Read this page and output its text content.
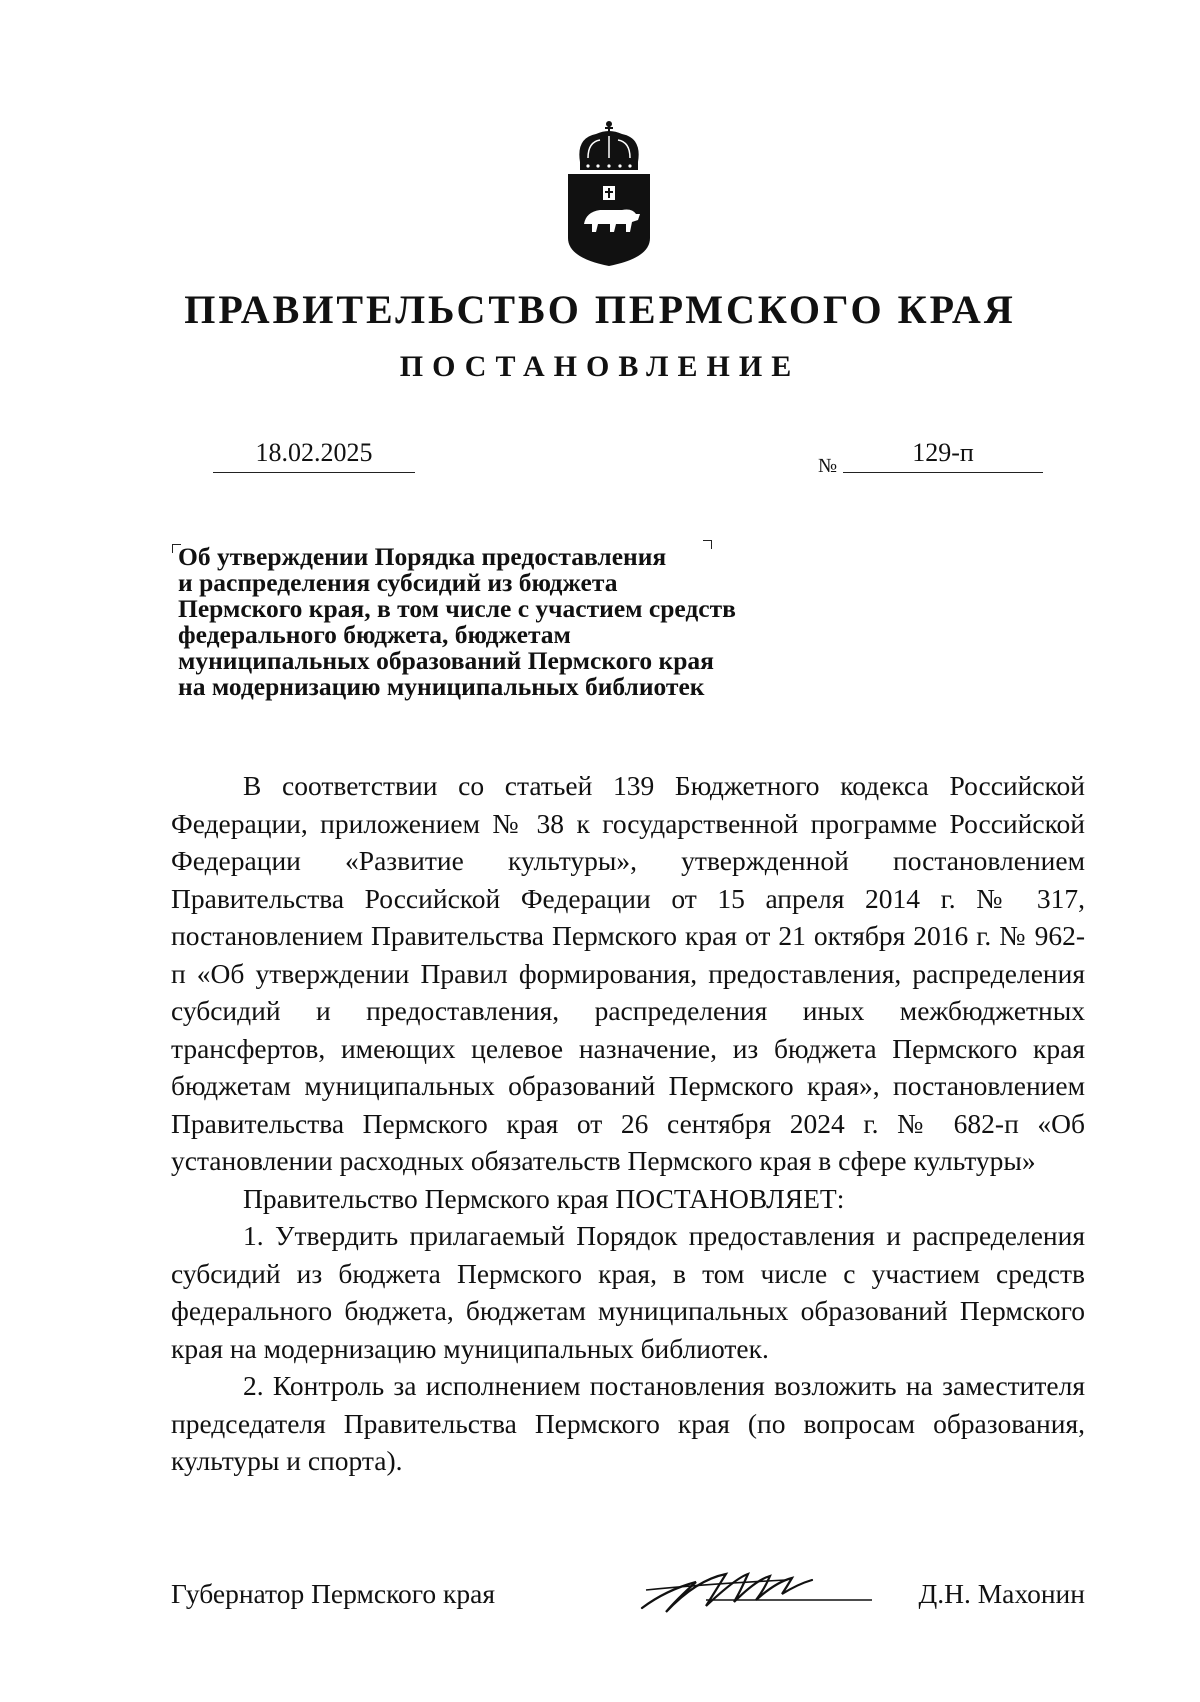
ПРАВИТЕЛЬСТВО ПЕРМСКОГО КРАЯ
ПОСТАНОВЛЕНИЕ
18.02.2025	№	129-п
Об утверждении Порядка предоставления
и распределения субсидий из бюджета
Пермского края, в том числе с участием средств
федерального бюджета, бюджетам
муниципальных образований Пермского края
на модернизацию муниципальных библиотек

В соответствии со статьей 139 Бюджетного кодекса Российской Федерации, приложением № 38 к государственной программе Российской Федерации «Развитие культуры», утвержденной постановлением Правительства Российской Федерации от 15 апреля 2014 г. № 317, постановлением Правительства Пермского края от 21 октября 2016 г. № 962-п «Об утверждении Правил формирования, предоставления, распределения субсидий и предоставления, распределения иных межбюджетных трансфертов, имеющих целевое назначение, из бюджета Пермского края бюджетам муниципальных образований Пермского края», постановлением Правительства Пермского края от 26 сентября 2024 г. № 682-п «Об установлении расходных обязательств Пермского края в сфере культуры»

Правительство Пермского края ПОСТАНОВЛЯЕТ:

1. Утвердить прилагаемый Порядок предоставления и распределения субсидий из бюджета Пермского края, в том числе с участием средств федерального бюджета, бюджетам муниципальных образований Пермского края на модернизацию муниципальных библиотек.

2. Контроль за исполнением постановления возложить на заместителя председателя Правительства Пермского края (по вопросам образования, культуры и спорта).

Губернатор Пермского края	Д.Н. Махонин
